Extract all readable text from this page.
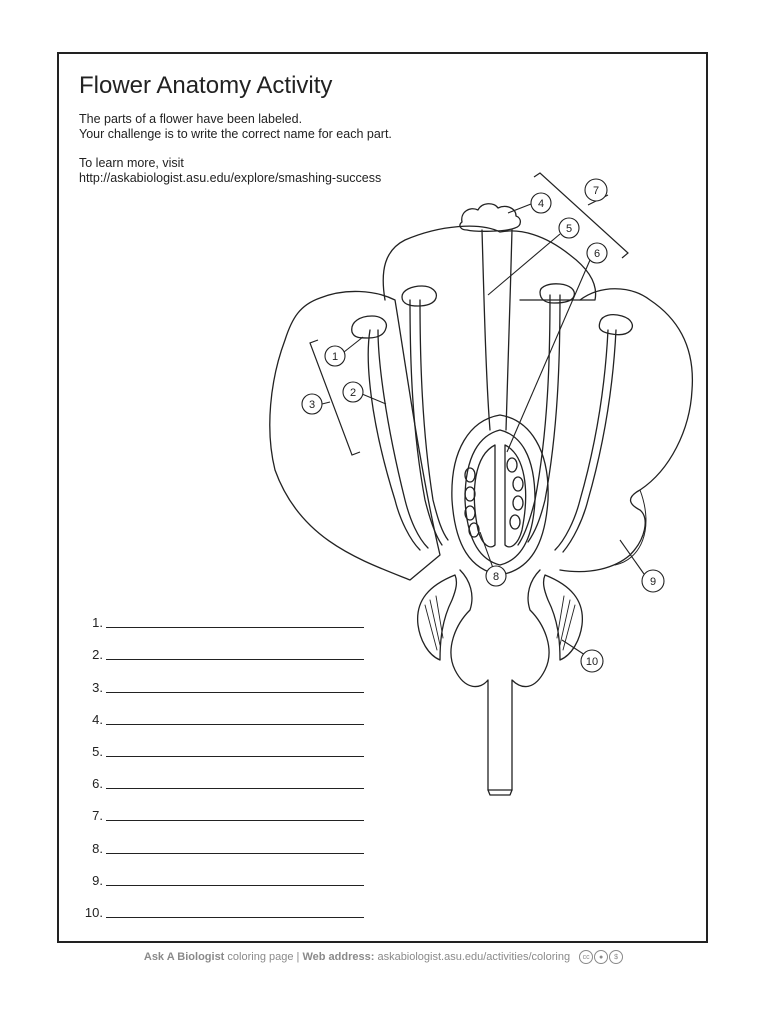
Flower Anatomy Activity
The parts of a flower have been labeled.
Your challenge is to write the correct name for each part.
To learn more, visit
http://askabiologist.asu.edu/explore/smashing-success
1.
2.
3.
4.
5.
6.
7.
8.
9.
10.
1
2
3
4
5
6
7
8	9
10
Ask A Biologist coloring page | Web address: askabiologist.asu.edu/activities/coloring	cc	●	$
